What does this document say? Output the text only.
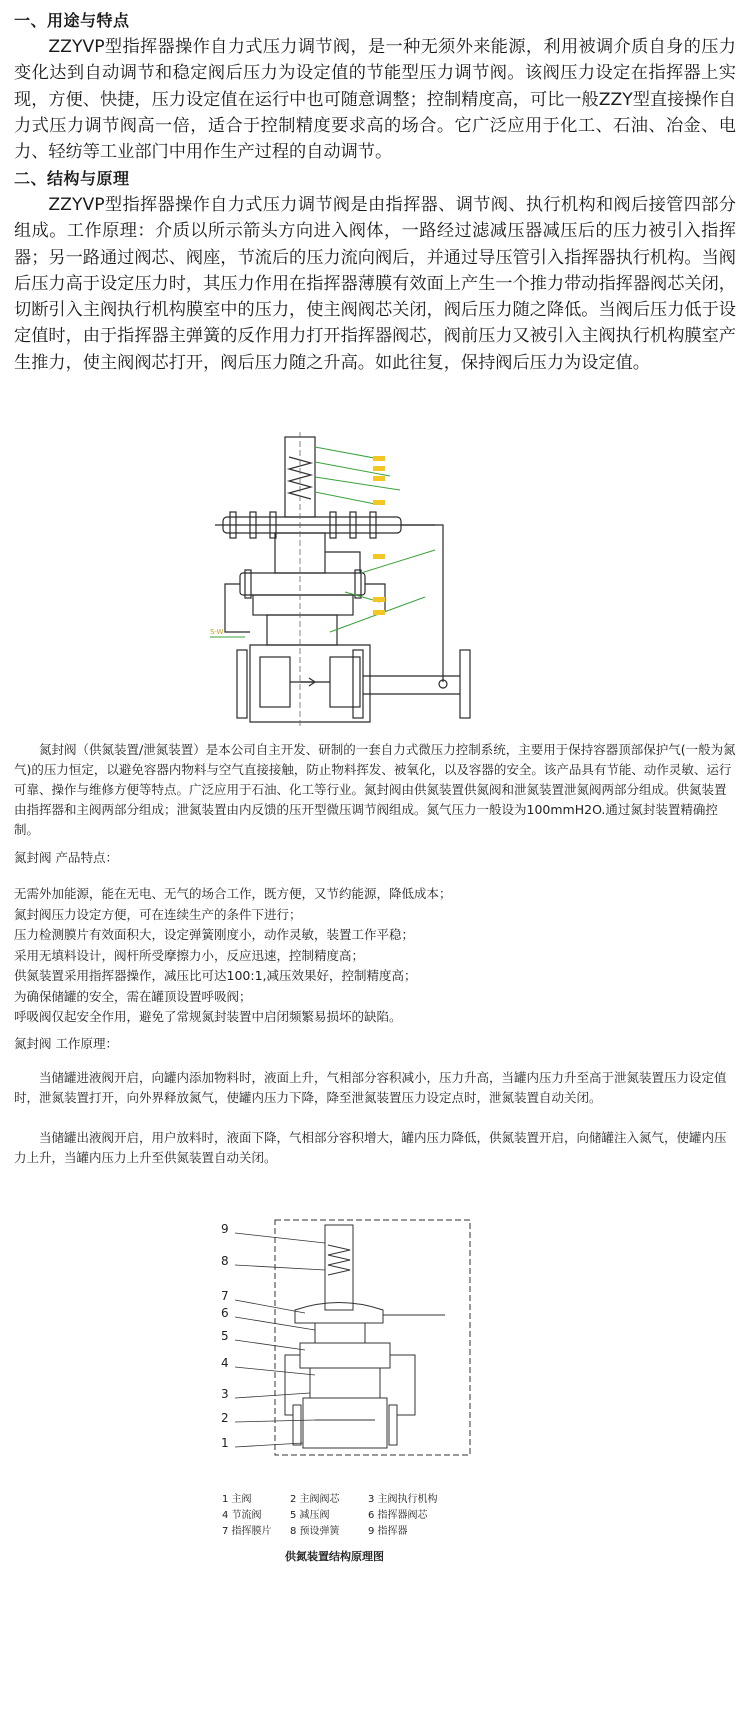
一、用途与特点
ZZYVP型指挥器操作自力式压力调节阀，是一种无须外来能源，利用被调介质自身的压力变化达到自动调节和稳定阀后压力为设定值的节能型压力调节阀。该阀压力设定在指挥器上实现，方便、快捷，压力设定值在运行中也可随意调整；控制精度高，可比一般ZZY型直接操作自力式压力调节阀高一倍，适合于控制精度要求高的场合。它广泛应用于化工、石油、冶金、电力、轻纺等工业部门中用作生产过程的自动调节。
二、结构与原理
ZZYVP型指挥器操作自力式压力调节阀是由指挥器、调节阀、执行机构和阀后接管四部分组成。工作原理：介质以所示箭头方向进入阀体，一路经过滤减压器减压后的压力被引入指挥器；另一路通过阀芯、阀座，节流后的压力流向阀后，并通过导压管引入指挥器执行机构。当阀后压力高于设定压力时，其压力作用在指挥器薄膜有效面上产生一个推力带动指挥器阀芯关闭，切断引入主阀执行机构膜室中的压力，使主阀阀芯关闭，阀后压力随之降低。当阀后压力低于设定值时，由于指挥器主弹簧的反作用力打开指挥器阀芯，阀前压力又被引入主阀执行机构膜室产生推力，使主阀阀芯打开，阀后压力随之升高。如此往复，保持阀后压力为设定值。
S-W
氮封阀（供氮装置/泄氮装置）是本公司自主开发、研制的一套自力式微压力控制系统，主要用于保持容器顶部保护气(一般为氮气)的压力恒定，以避免容器内物料与空气直接接触，防止物料挥发、被氧化，以及容器的安全。该产品具有节能、动作灵敏、运行可靠、操作与维修方便等特点。广泛应用于石油、化工等行业。氮封阀由供氮装置供氮阀和泄氮装置泄氮阀两部分组成。供氮装置由指挥器和主阀两部分组成；泄氮装置由内反馈的压开型微压调节阀组成。氮气压力一般设为100mmH2O.通过氮封装置精确控制。
氮封阀 产品特点：
无需外加能源，能在无电、无气的场合工作，既方便，又节约能源，降低成本；
氮封阀压力设定方便，可在连续生产的条件下进行；
压力检测膜片有效面积大，设定弹簧刚度小，动作灵敏，装置工作平稳；
采用无填料设计，阀杆所受摩擦力小，反应迅速，控制精度高；
供氮装置采用指挥器操作，减压比可达100:1,减压效果好，控制精度高；
为确保储罐的安全，需在罐顶设置呼吸阀；
呼吸阀仅起安全作用，避免了常规氮封装置中启闭频繁易损坏的缺陷。
氮封阀 工作原理：
当储罐进液阀开启，向罐内添加物料时，液面上升，气相部分容积减小，压力升高，当罐内压力升至高于泄氮装置压力设定值时，泄氮装置打开，向外界释放氮气，使罐内压力下降，降至泄氮装置压力设定点时，泄氮装置自动关闭。
当储罐出液阀开启，用户放料时，液面下降，气相部分容积增大，罐内压力降低，供氮装置开启，向储罐注入氮气，使罐内压力上升，当罐内压力上升至供氮装置自动关闭。
9
8
7
6
5
4
3
2
1
1 主阀	2 主阀阀芯	3 主阀执行机构
4 节流阀	5 减压阀	6 指挥器阀芯
7 指挥膜片	8 预设弹簧	9 指挥器
供氮装置结构原理图
